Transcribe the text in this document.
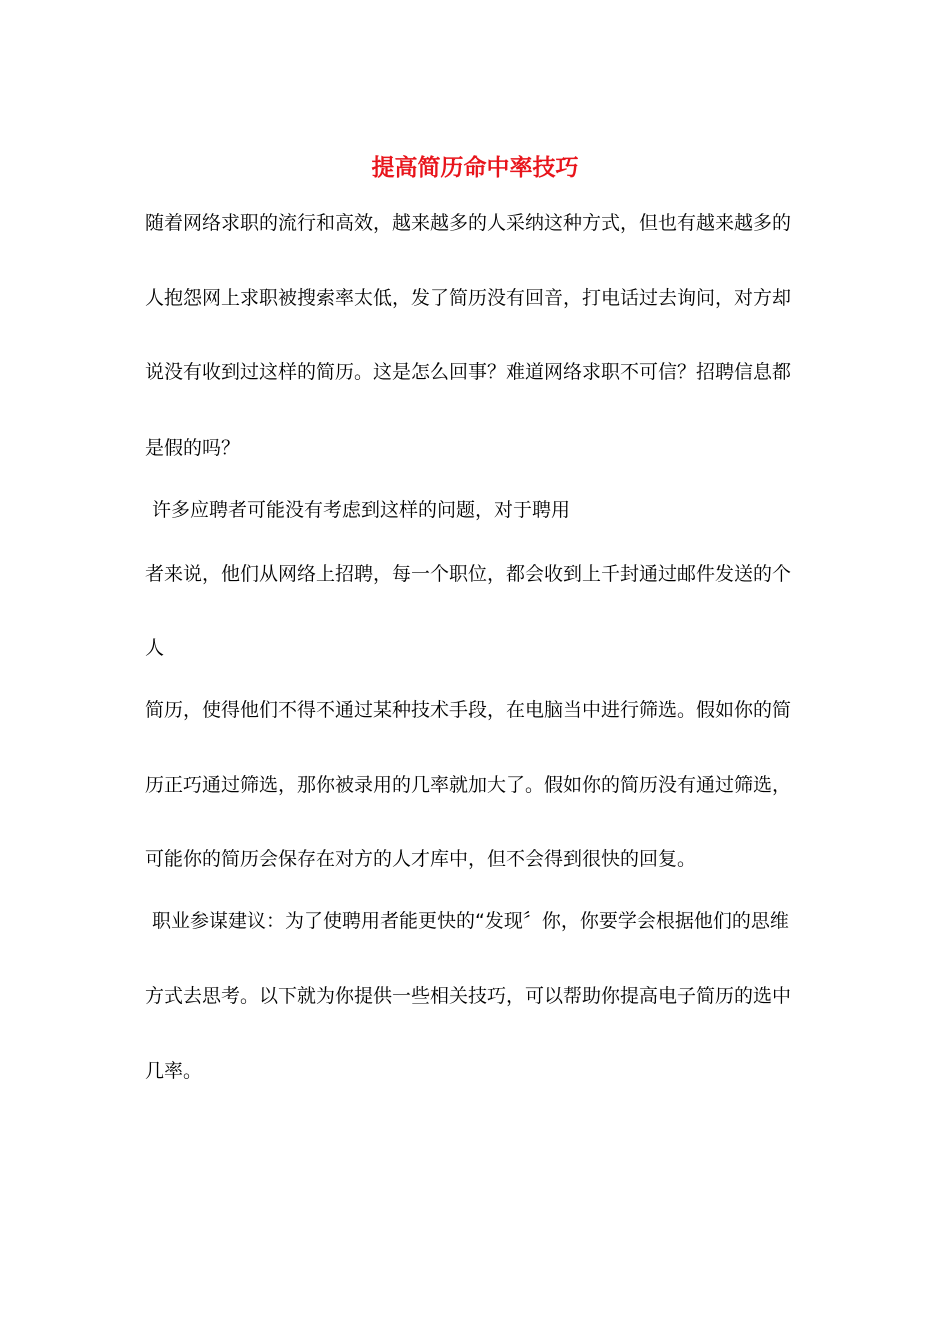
提高简历命中率技巧
随着网络求职的流行和高效，越来越多的人采纳这种方式，但也有越来越多的
人抱怨网上求职被搜索率太低，发了简历没有回音，打电话过去询问，对方却
说没有收到过这样的简历。这是怎么回事？难道网络求职不可信？招聘信息都
是假的吗？
许多应聘者可能没有考虑到这样的问题，对于聘用
者来说，他们从网络上招聘，每一个职位，都会收到上千封通过邮件发送的个
人
简历，使得他们不得不通过某种技术手段，在电脑当中进行筛选。假如你的简
历正巧通过筛选，那你被录用的几率就加大了。假如你的简历没有通过筛选，
可能你的简历会保存在对方的人才库中，但不会得到很快的回复。
职业参谋建议：为了使聘用者能更快的“发现〞你，你要学会根据他们的思维
方式去思考。以下就为你提供一些相关技巧，可以帮助你提高电子简历的选中
几率。
